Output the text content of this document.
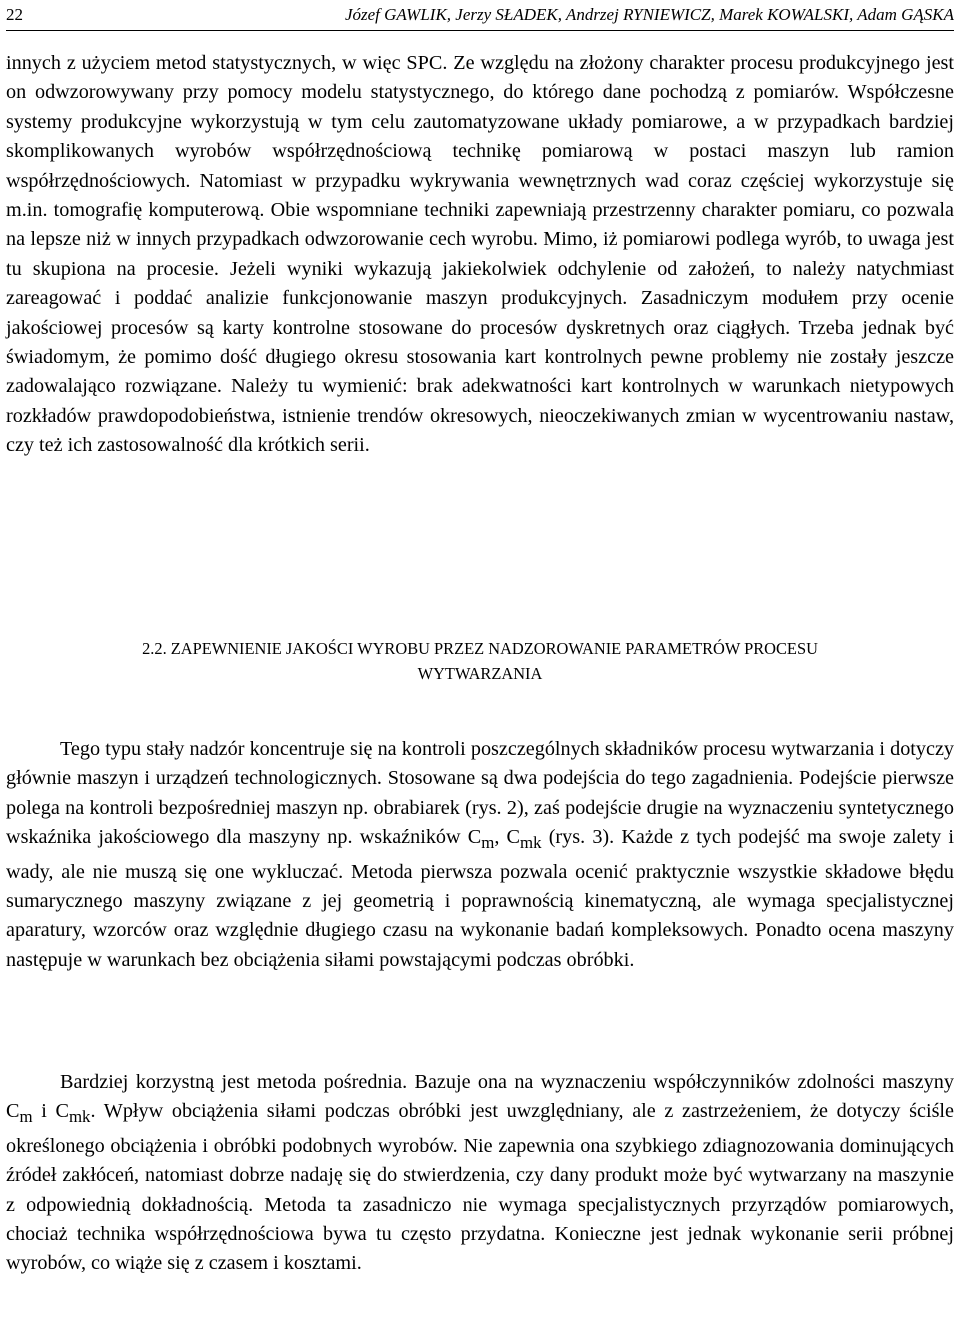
22	Józef GAWLIK, Jerzy SŁADEK, Andrzej RYNIEWICZ, Marek KOWALSKI, Adam GĄSKA

innych z użyciem metod statystycznych, w więc SPC. Ze względu na złożony charakter procesu produkcyjnego jest on odwzorowywany przy pomocy modelu statystycznego, do którego dane pochodzą z pomiarów. Współczesne systemy produkcyjne wykorzystują w tym celu zautomatyzowane układy pomiarowe, a w przypadkach bardziej skomplikowanych wyrobów współrzędnościową technikę pomiarową w postaci maszyn lub ramion współrzędnościowych. Natomiast w przypadku wykrywania wewnętrznych wad coraz częściej wykorzystuje się m.in. tomografię komputerową. Obie wspomniane techniki zapewniają przestrzenny charakter pomiaru, co pozwala na lepsze niż w innych przypadkach odwzorowanie cech wyrobu. Mimo, iż pomiarowi podlega wyrób, to uwaga jest tu skupiona na procesie. Jeżeli wyniki wykazują jakiekolwiek odchylenie od założeń, to należy natychmiast zareagować i poddać analizie funkcjonowanie maszyn produkcyjnych. Zasadniczym modułem przy ocenie jakościowej procesów są karty kontrolne stosowane do procesów dyskretnych oraz ciągłych. Trzeba jednak być świadomym, że pomimo dość długiego okresu stosowania kart kontrolnych pewne problemy nie zostały jeszcze zadowalająco rozwiązane. Należy tu wymienić: brak adekwatności kart kontrolnych w warunkach nietypowych rozkładów prawdopodobieństwa, istnienie trendów okresowych, nieoczekiwanych zmian w wycentrowaniu nastaw, czy też ich zastosowalność dla krótkich serii.

2.2. ZAPEWNIENIE JAKOŚCI WYROBU PRZEZ NADZOROWANIE PARAMETRÓW PROCESU
WYTWARZANIA

Tego typu stały nadzór koncentruje się na kontroli poszczególnych składników procesu wytwarzania i dotyczy głównie maszyn i urządzeń technologicznych. Stosowane są dwa podejścia do tego zagadnienia. Podejście pierwsze polega na kontroli bezpośredniej maszyn np. obrabiarek (rys. 2), zaś podejście drugie na wyznaczeniu syntetycznego wskaźnika jakościowego dla maszyny np. wskaźników $C_m$, $C_{mk}$ (rys. 3). Każde z tych podejść ma swoje zalety i wady, ale nie muszą się one wykluczać. Metoda pierwsza pozwala ocenić praktycznie wszystkie składowe błędu sumarycznego maszyny związane z jej geometrią i poprawnością kinematyczną, ale wymaga specjalistycznej aparatury, wzorców oraz względnie długiego czasu na wykonanie badań kompleksowych. Ponadto ocena maszyny następuje w warunkach bez obciążenia siłami powstającymi podczas obróbki.

Bardziej korzystną jest metoda pośrednia. Bazuje ona na wyznaczeniu współczynników zdolności maszyny $C_m$ i $C_{mk}$. Wpływ obciążenia siłami podczas obróbki jest uwzględniany, ale z zastrzeżeniem, że dotyczy ściśle określonego obciążenia i obróbki podobnych wyrobów. Nie zapewnia ona szybkiego zdiagnozowania dominujących źródeł zakłóceń, natomiast dobrze nadaję się do stwierdzenia, czy dany produkt może być wytwarzany na maszynie z odpowiednią dokładnością. Metoda ta zasadniczo nie wymaga specjalistycznych przyrządów pomiarowych, chociaż technika współrzędnościowa bywa tu często przydatna. Konieczne jest jednak wykonanie serii próbnej wyrobów, co wiąże się z czasem i kosztami.
